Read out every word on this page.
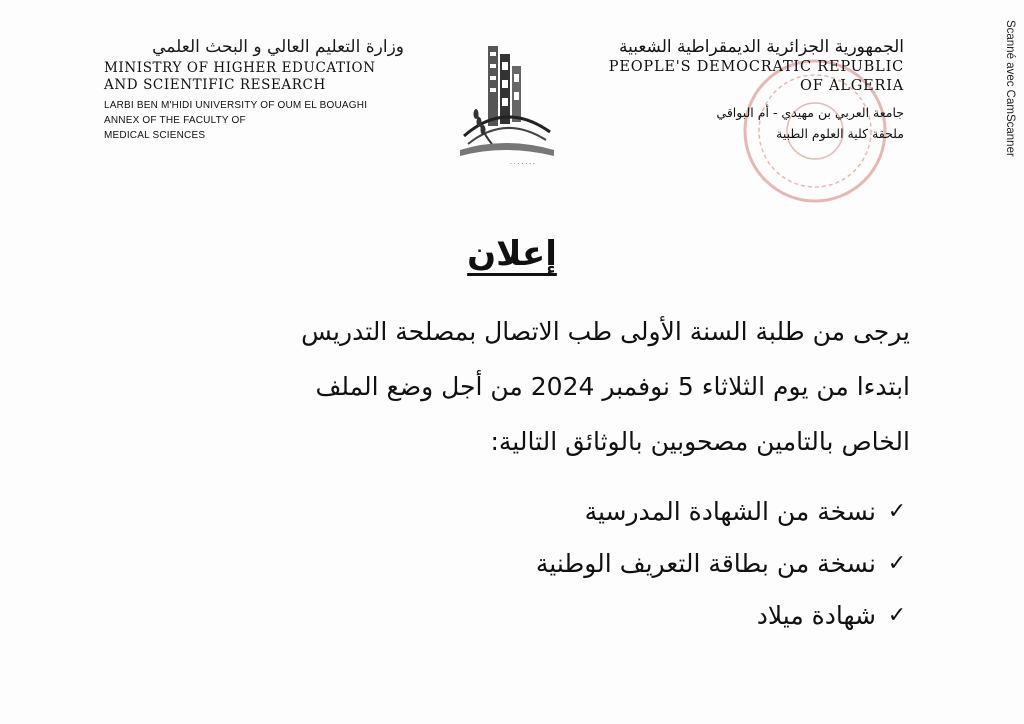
وزارة التعليم العالي و البحث العلمي
MINISTRY OF HIGHER EDUCATION
AND SCIENTIFIC RESEARCH
LARBI BEN M'HIDI UNIVERSITY OF OUM EL BOUAGHI
ANNEX OF THE FACULTY OF
MEDICAL SCIENCES
· · · · · · ·
الجمهورية الجزائرية الديمقراطية الشعبية
PEOPLE'S DEMOCRATIC REPUBLIC
OF ALGERIA
جامعة العربي بن مهيدي - أم البواقي
ملحقة كلية العلوم الطبية	Scanné avec CamScanner
إعلان
يرجى من طلبة السنة الأولى طب الاتصال بمصلحة التدريس
ابتدءا من يوم الثلاثاء 5 نوفمبر 2024 من أجل وضع الملف
الخاص بالتامين مصحوبين بالوثائق التالية:
✓
نسخة من الشهادة المدرسية
✓
نسخة من بطاقة التعريف الوطنية
✓
شهادة ميلاد
